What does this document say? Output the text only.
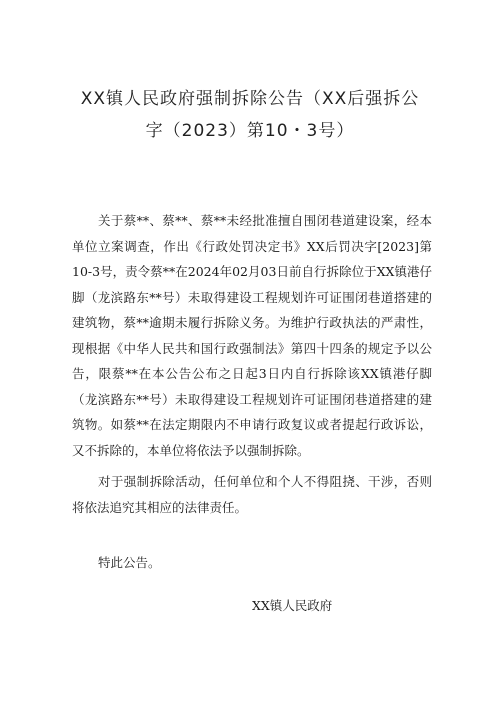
XX镇人民政府强制拆除公告（XX后强拆公
字（2023）第10・3号）

关于蔡**、蔡**、蔡**未经批准擅自围闭巷道建设案，经本单位立案调查，作出《行政处罚决定书》XX后罚决字[2023]第10-3号，责令蔡**在2024年02月03日前自行拆除位于XX镇港仔脚（龙滨路东**号）未取得建设工程规划许可证围闭巷道搭建的建筑物，蔡**逾期未履行拆除义务。为维护行政执法的严肃性，现根据《中华人民共和国行政强制法》第四十四条的规定予以公告，限蔡**在本公告公布之日起3日内自行拆除该XX镇港仔脚（龙滨路东**号）未取得建设工程规划许可证围闭巷道搭建的建筑物。如蔡**在法定期限内不申请行政复议或者提起行政诉讼，又不拆除的，本单位将依法予以强制拆除。

对于强制拆除活动，任何单位和个人不得阻挠、干涉，否则将依法追究其相应的法律责任。

特此公告。

XX镇人民政府
